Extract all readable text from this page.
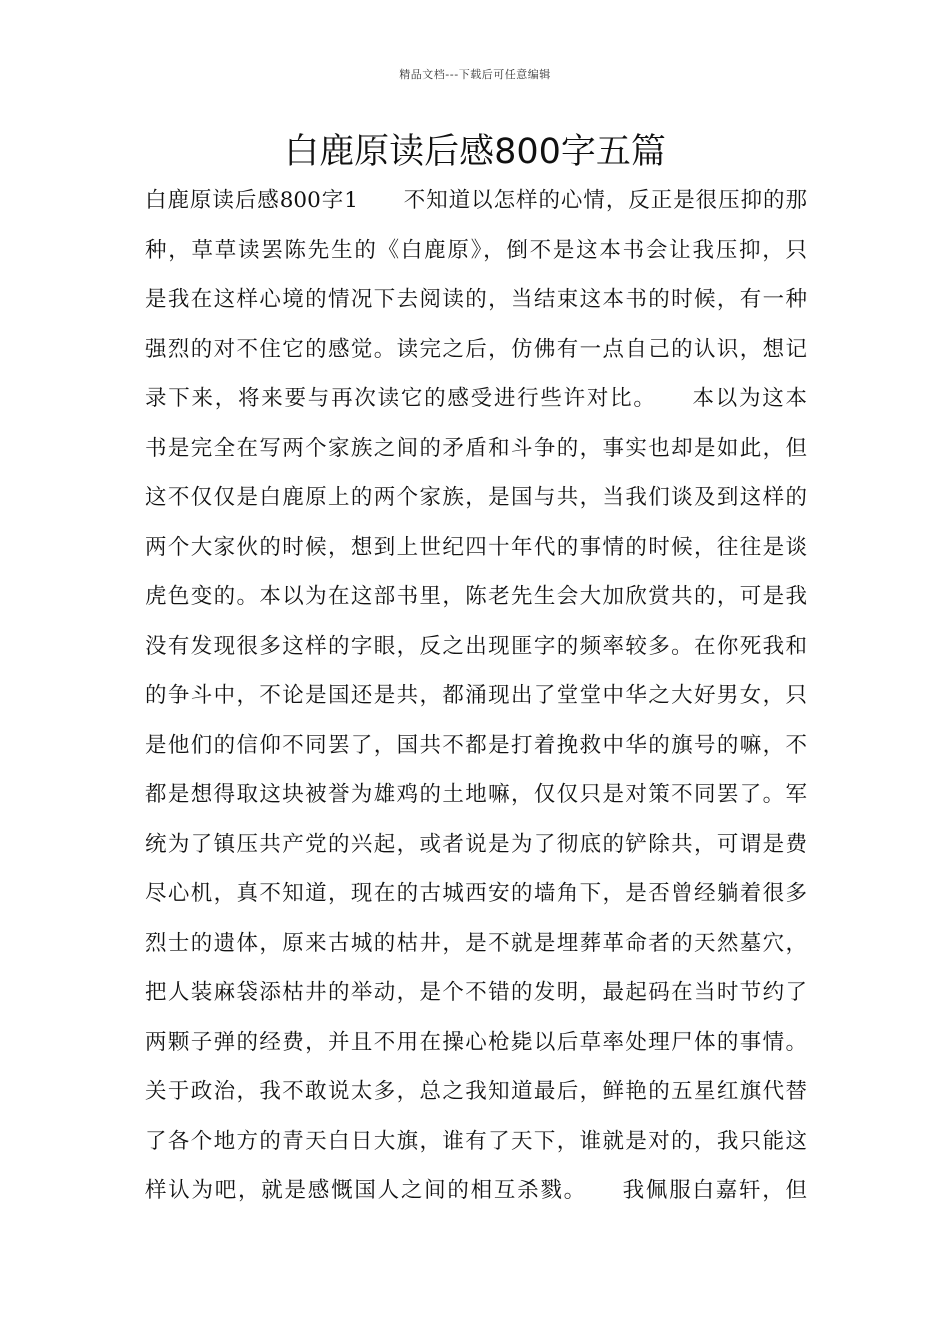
精品文档---下载后可任意编辑
白鹿原读后感800字五篇
白鹿原读后感800字1　　不知道以怎样的心情，反正是很压抑的那
种，草草读罢陈先生的《白鹿原》，倒不是这本书会让我压抑，只
是我在这样心境的情况下去阅读的，当结束这本书的时候，有一种
强烈的对不住它的感觉。读完之后，仿佛有一点自己的认识，想记
录下来，将来要与再次读它的感受进行些许对比。　　本以为这本
书是完全在写两个家族之间的矛盾和斗争的，事实也却是如此，但
这不仅仅是白鹿原上的两个家族，是国与共，当我们谈及到这样的
两个大家伙的时候，想到上世纪四十年代的事情的时候，往往是谈
虎色变的。本以为在这部书里，陈老先生会大加欣赏共的，可是我
没有发现很多这样的字眼，反之出现匪字的频率较多。在你死我和
的争斗中，不论是国还是共，都涌现出了堂堂中华之大好男女，只
是他们的信仰不同罢了，国共不都是打着挽救中华的旗号的嘛，不
都是想得取这块被誉为雄鸡的土地嘛，仅仅只是对策不同罢了。军
统为了镇压共产党的兴起，或者说是为了彻底的铲除共，可谓是费
尽心机，真不知道，现在的古城西安的墙角下，是否曾经躺着很多
烈士的遗体，原来古城的枯井，是不就是埋葬革命者的天然墓穴，
把人装麻袋添枯井的举动，是个不错的发明，最起码在当时节约了
两颗子弹的经费，并且不用在操心枪毙以后草率处理尸体的事情。
关于政治，我不敢说太多，总之我知道最后，鲜艳的五星红旗代替
了各个地方的青天白日大旗，谁有了天下，谁就是对的，我只能这
样认为吧，就是感慨国人之间的相互杀戮。　　我佩服白嘉轩，但
